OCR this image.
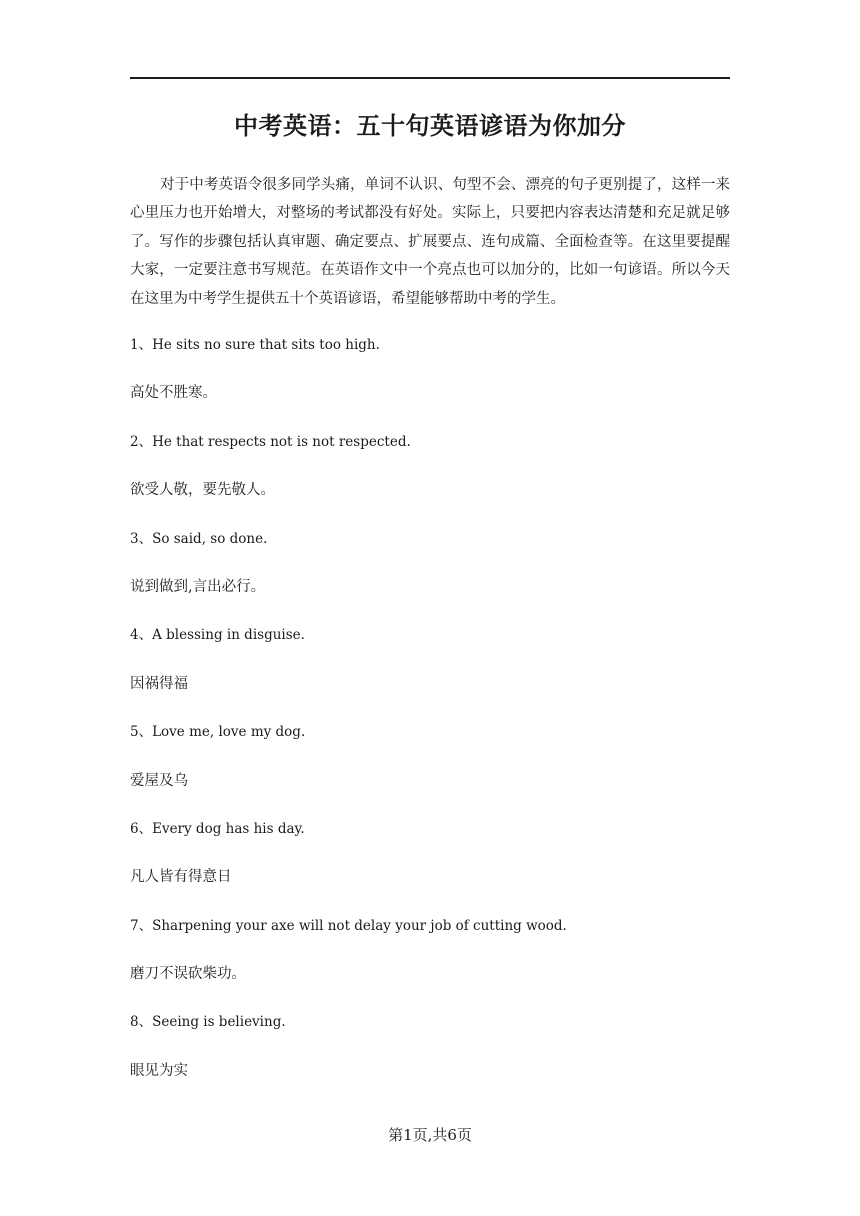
中考英语：五十句英语谚语为你加分

对于中考英语令很多同学头痛，单词不认识、句型不会、漂亮的句子更别提了，这样一来心里压力也开始增大，对整场的考试都没有好处。实际上，只要把内容表达清楚和充足就足够了。写作的步骤包括认真审题、确定要点、扩展要点、连句成篇、全面检查等。在这里要提醒大家，一定要注意书写规范。在英语作文中一个亮点也可以加分的，比如一句谚语。所以今天在这里为中考学生提供五十个英语谚语，希望能够帮助中考的学生。

1、He sits no sure that sits too high.
高处不胜寒。
2、He that respects not is not respected.
欲受人敬，要先敬人。
3、So said, so done.
说到做到,言出必行。
4、A blessing in disguise.
因祸得福
5、Love me, love my dog.
爱屋及乌
6、Every dog has his day.
凡人皆有得意日
7、Sharpening your axe will not delay your job of cutting wood.
磨刀不误砍柴功。
8、Seeing is believing.
眼见为实
第1页,共6页
